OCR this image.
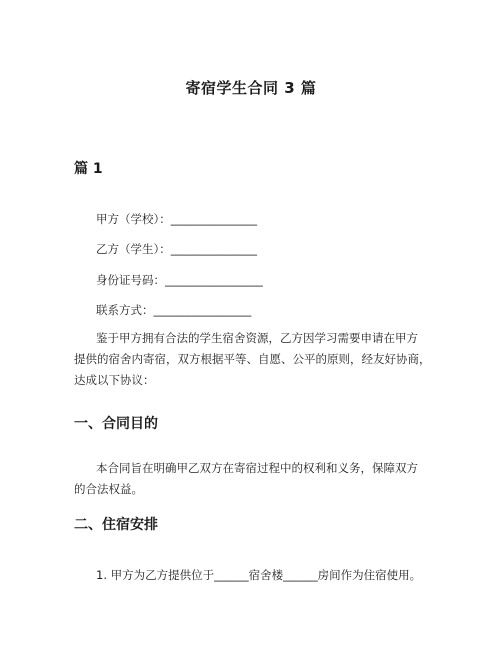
寄宿学生合同 3 篇
篇 1
甲方（学校）：_______________
乙方（学生）：_______________
身份证号码：_________________
联系方式：_________________
鉴于甲方拥有合法的学生宿舍资源，乙方因学习需要申请在甲方
提供的宿舍内寄宿，双方根据平等、自愿、公平的原则，经友好协商，
达成以下协议：
一、合同目的
本合同旨在明确甲乙双方在寄宿过程中的权利和义务，保障双方
的合法权益。
二、住宿安排
1. 甲方为乙方提供位于______宿舍楼______房间作为住宿使用。
